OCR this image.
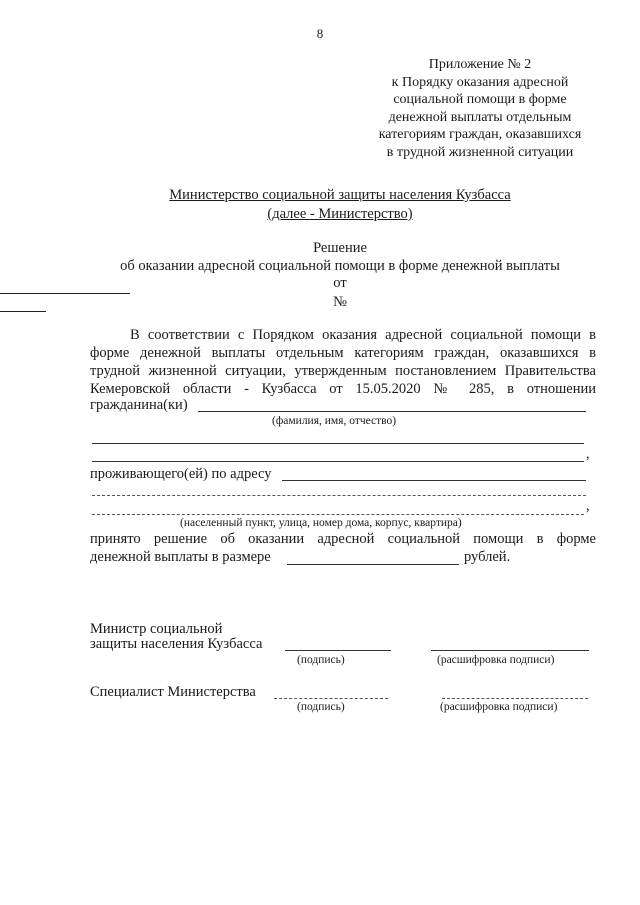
8
Приложение № 2
к Порядку оказания адресной
социальной помощи в форме
денежной выплаты отдельным
категориям граждан, оказавшихся
в трудной жизненной ситуации
Министерство социальной защиты населения Кузбасса
(далее - Министерство)
Решение
об оказании адресной социальной помощи в форме денежной выплаты
от
№

В соответствии с Порядком оказания адресной социальной помощи в

форме денежной выплаты отдельным категориям граждан, оказавшихся в

трудной жизненной ситуации, утвержденным постановлением Правительства

Кемеровской области - Кузбасса от 15.05.2020 № 285, в отношении

гражданина(ки)
(фамилия, имя, отчество)
,
проживающего(ей) по адресу
,
(населенный пункт, улица, номер дома, корпус, квартира)
принято решение об оказании адресной социальной помощи в форме
денежной выплаты в размере	рублей.
Министр социальной
защиты населения Кузбасса
(подпись)	(расшифровка подписи)
Специалист Министерства
(подпись)	(расшифровка подписи)
